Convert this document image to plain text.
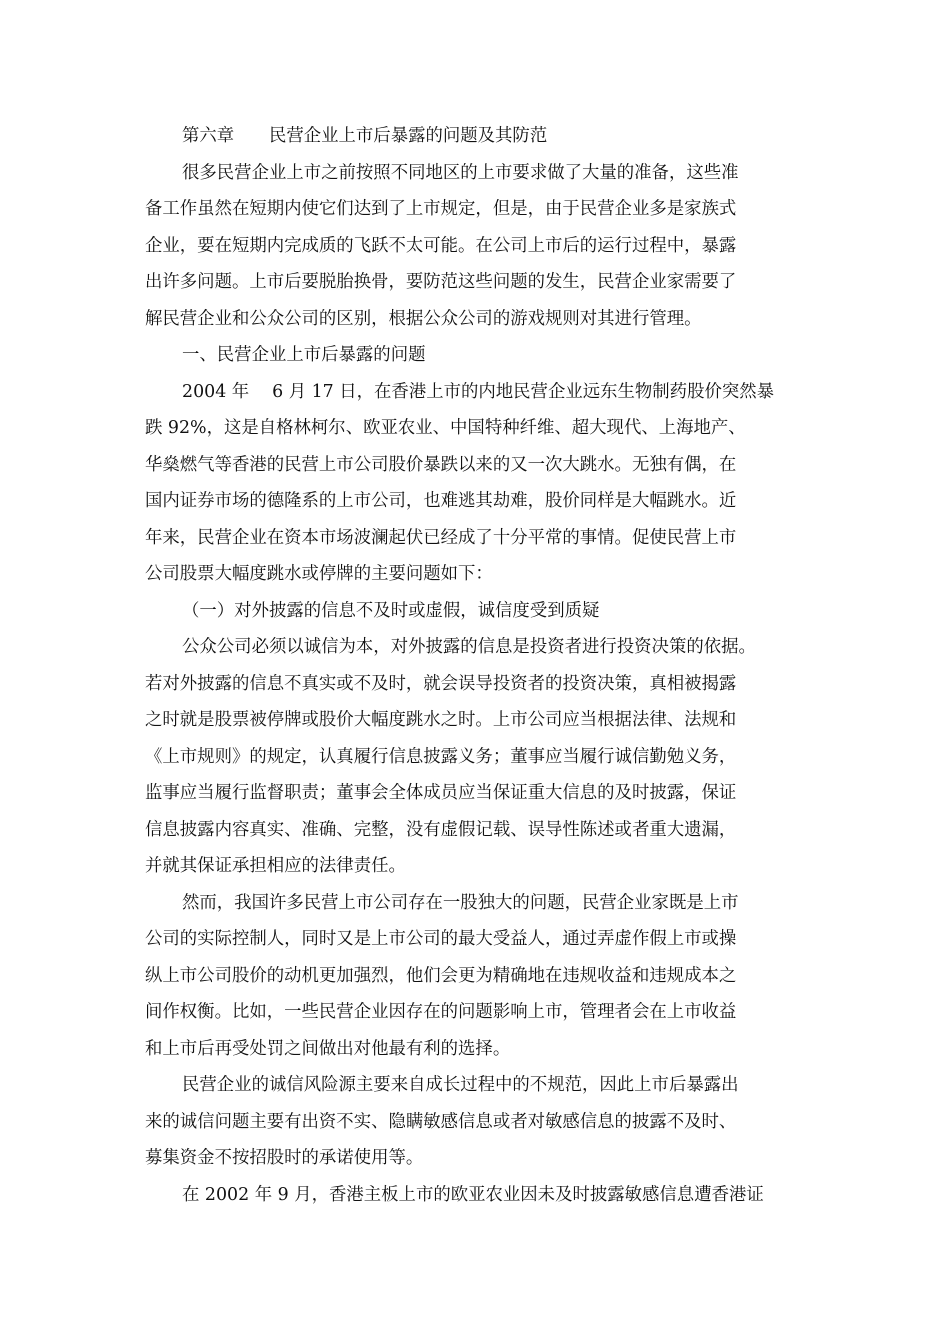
第六章　　民营企业上市后暴露的问题及其防范
很多民营企业上市之前按照不同地区的上市要求做了大量的准备，这些准
备工作虽然在短期内使它们达到了上市规定，但是，由于民营企业多是家族式
企业，要在短期内完成质的飞跃不太可能。在公司上市后的运行过程中，暴露
出许多问题。上市后要脱胎换骨，要防范这些问题的发生，民营企业家需要了
解民营企业和公众公司的区别，根据公众公司的游戏规则对其进行管理。
一、民营企业上市后暴露的问题
2004 年　 6 月 17 日，在香港上市的内地民营企业远东生物制药股价突然暴
跌 92%，这是自格林柯尔、欧亚农业、中国特种纤维、超大现代、上海地产、
华燊燃气等香港的民营上市公司股价暴跌以来的又一次大跳水。无独有偶，在
国内证券市场的德隆系的上市公司，也难逃其劫难，股价同样是大幅跳水。近
年来，民营企业在资本市场波澜起伏已经成了十分平常的事情。促使民营上市
公司股票大幅度跳水或停牌的主要问题如下：
（一）对外披露的信息不及时或虚假，诚信度受到质疑
公众公司必须以诚信为本，对外披露的信息是投资者进行投资决策的依据。
若对外披露的信息不真实或不及时，就会误导投资者的投资决策，真相被揭露
之时就是股票被停牌或股价大幅度跳水之时。上市公司应当根据法律、法规和
《上市规则》的规定，认真履行信息披露义务；董事应当履行诚信勤勉义务，
监事应当履行监督职责；董事会全体成员应当保证重大信息的及时披露，保证
信息披露内容真实、准确、完整，没有虚假记载、误导性陈述或者重大遗漏，
并就其保证承担相应的法律责任。
然而，我国许多民营上市公司存在一股独大的问题，民营企业家既是上市
公司的实际控制人，同时又是上市公司的最大受益人，通过弄虚作假上市或操
纵上市公司股价的动机更加强烈，他们会更为精确地在违规收益和违规成本之
间作权衡。比如，一些民营企业因存在的问题影响上市，管理者会在上市收益
和上市后再受处罚之间做出对他最有利的选择。
民营企业的诚信风险源主要来自成长过程中的不规范，因此上市后暴露出
来的诚信问题主要有出资不实、隐瞒敏感信息或者对敏感信息的披露不及时、
募集资金不按招股时的承诺使用等。
在 2002 年 9 月，香港主板上市的欧亚农业因未及时披露敏感信息遭香港证
